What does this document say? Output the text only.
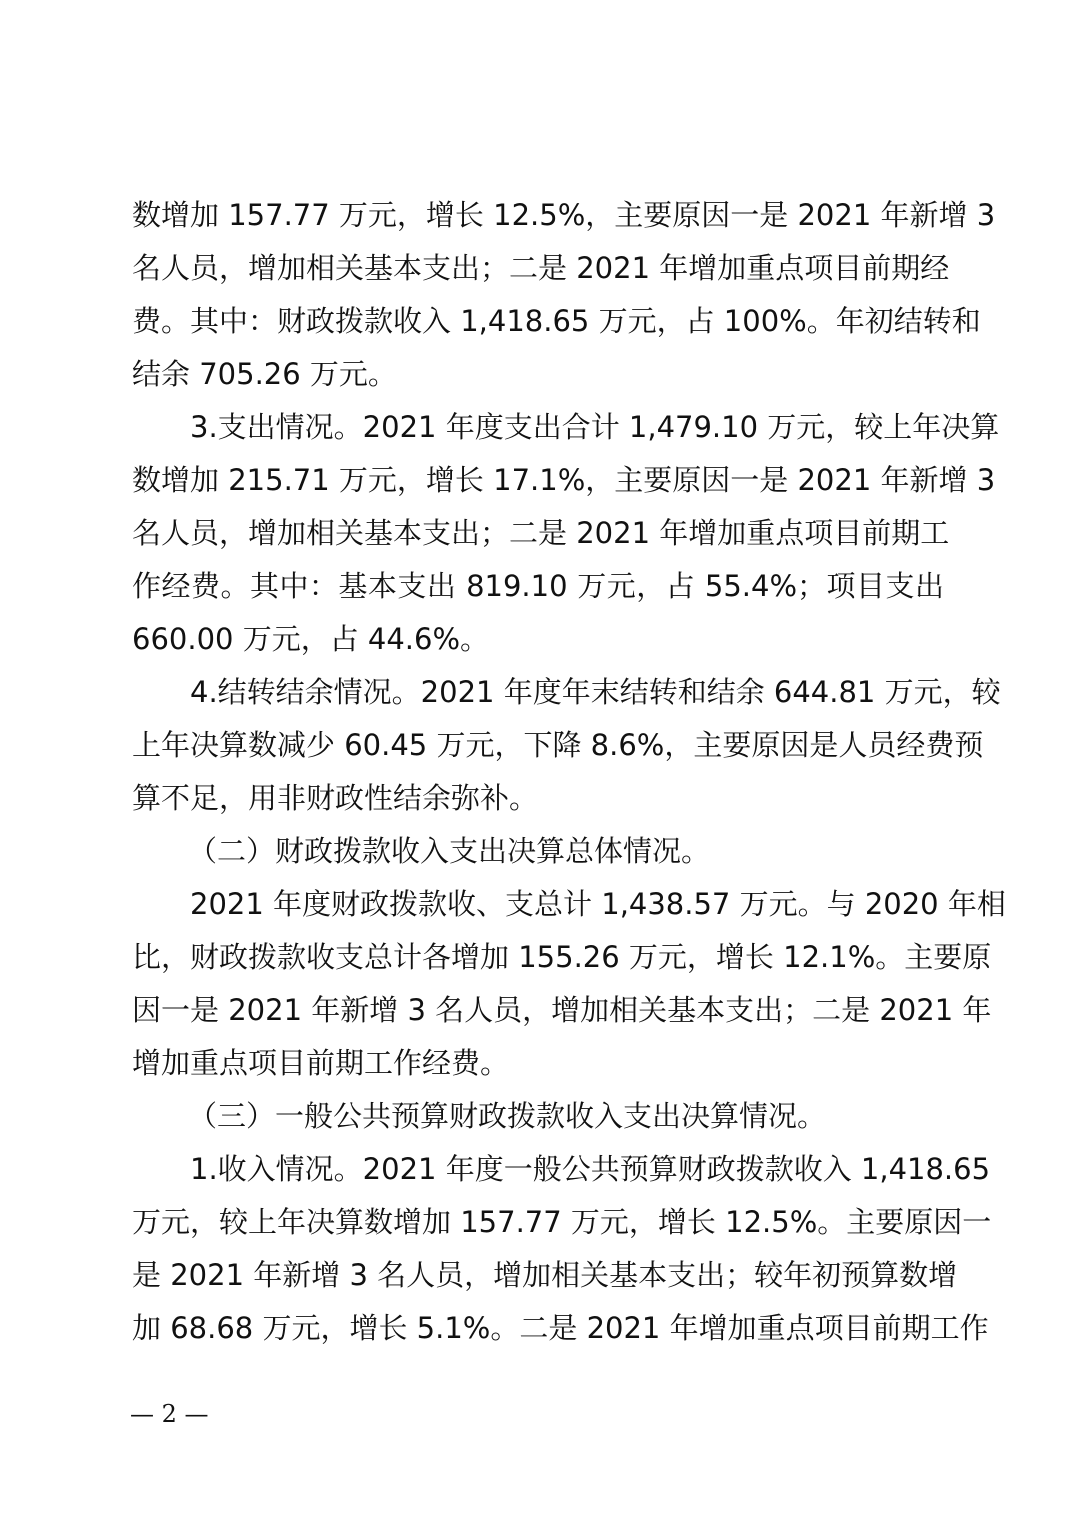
数增加 157.77 万元，增长 12.5%，主要原因一是 2021 年新增 3
名人员，增加相关基本支出；二是 2021 年增加重点项目前期经
费。其中：财政拨款收入 1,418.65 万元，占 100%。年初结转和
结余 705.26 万元。
3.支出情况。2021 年度支出合计 1,479.10 万元，较上年决算
数增加 215.71 万元，增长 17.1%，主要原因一是 2021 年新增 3
名人员，增加相关基本支出；二是 2021 年增加重点项目前期工
作经费。其中：基本支出 819.10 万元，占 55.4%；项目支出
660.00 万元，占 44.6%。
4.结转结余情况。2021 年度年末结转和结余 644.81 万元，较
上年决算数减少 60.45 万元，下降 8.6%，主要原因是人员经费预
算不足，用非财政性结余弥补。
（二）财政拨款收入支出决算总体情况。
2021 年度财政拨款收、支总计 1,438.57 万元。与 2020 年相
比，财政拨款收支总计各增加 155.26 万元，增长 12.1%。主要原
因一是 2021 年新增 3 名人员，增加相关基本支出；二是 2021 年
增加重点项目前期工作经费。
（三）一般公共预算财政拨款收入支出决算情况。
1.收入情况。2021 年度一般公共预算财政拨款收入 1,418.65
万元，较上年决算数增加 157.77 万元，增长 12.5%。主要原因一
是 2021 年新增 3 名人员，增加相关基本支出；较年初预算数增
加 68.68 万元，增长 5.1%。二是 2021 年增加重点项目前期工作
— 2 —
